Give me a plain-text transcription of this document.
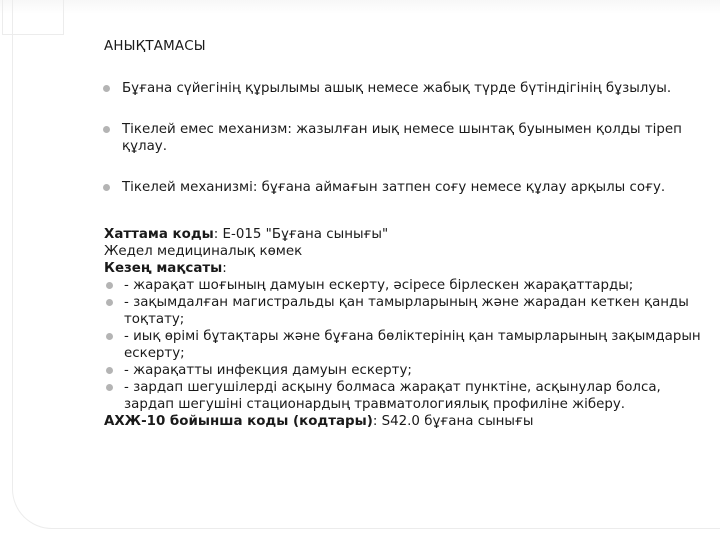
АНЫҚТАМАСЫ
Бұғана сүйегінің құрылымы ашық немесе жабық түрде бүтіндігінің бұзылуы.
Тікелей емес механизм: жазылған иық немесе шынтақ буынымен қолды тіреп құлау.
Тікелей механизмі: бұғана аймағын затпен соғу немесе құлау арқылы соғу.
Хаттама коды: Е-015 "Бұғана сынығы"
Жедел медициналық көмек
Кезең мақсаты:
- жарақат шоғының дамуын ескерту, әсіресе бірлескен жарақаттарды;
- зақымдалған магистральды қан тамырларының және жарадан кеткен қанды тоқтату;
- иық өрімі бұтақтары және бұғана бөліктерінің қан тамырларының зақымдарын ескерту;
- жарақатты инфекция дамуын ескерту;
- зардап шегушілерді асқыну болмаса жарақат пунктіне, асқынулар болса, зардап шегушіні стационардың травматологиялық профиліне жіберу.
АХЖ-10 бойынша коды (кодтары): S42.0 бұғана сынығы
